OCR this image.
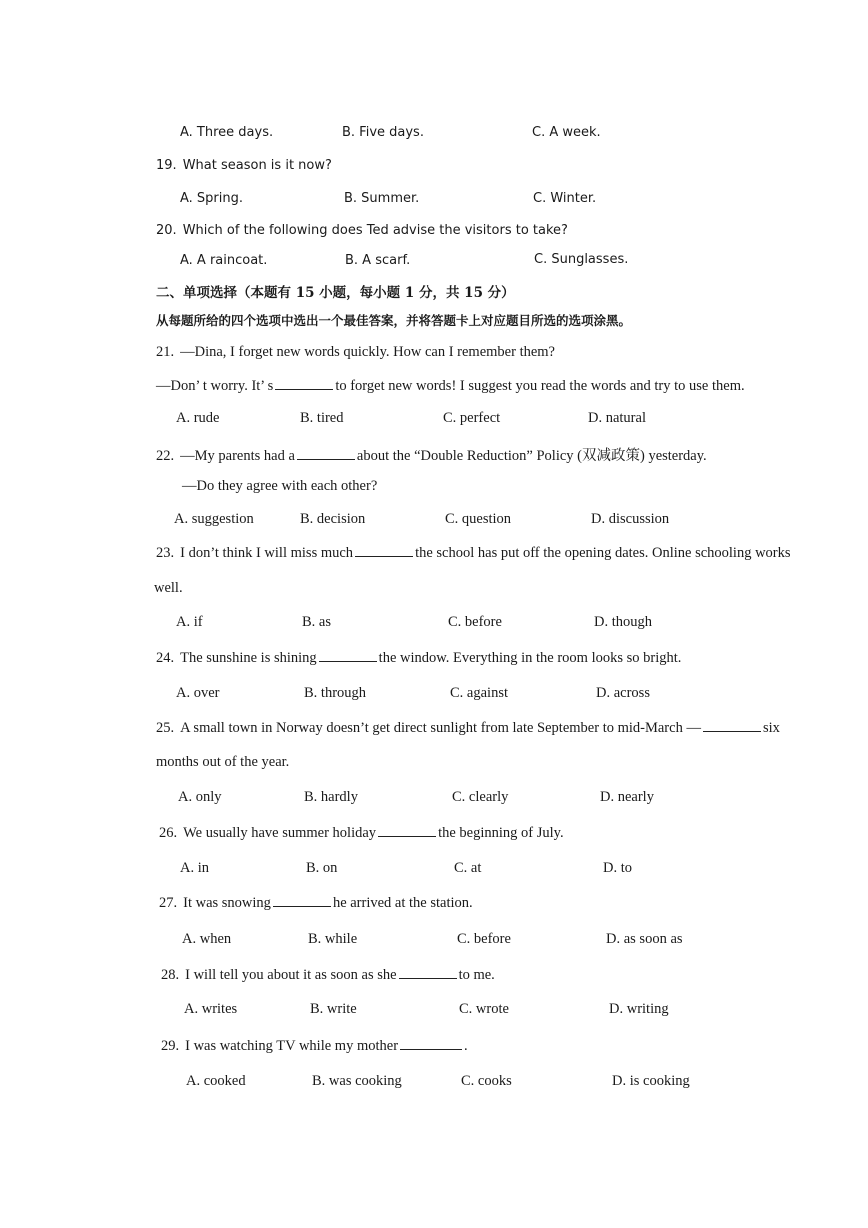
A. Three days.	B. Five days.	C. A week.
19. What season is it now?
A. Spring.	B. Summer.	C. Winter.
20. Which of the following does Ted advise the visitors to take?
A. A raincoat.	B. A scarf.	C. Sunglasses.
二、单项选择（本题有 15 小题，每小题 1 分，共 15 分）
从每题所给的四个选项中选出一个最佳答案，并将答题卡上对应题目所选的选项涂黑。
21. —Dina, I forget new words quickly. How can I remember them?
—Don’ t worry. It’ s	to forget new words! I suggest you read the words and try to use them.
A. rude	B. tired	C. perfect	D. natural
22. —My parents had a	about the “Double Reduction” Policy (双减政策) yesterday.
—Do they agree with each other?
A. suggestion	B. decision	C. question	D. discussion
23. I don’t think I will miss much	the school has put off the opening dates. Online schooling works
well.
A. if	B. as	C. before	D. though
24. The sunshine is shining	the window. Everything in the room looks so bright.
A. over	B. through	C. against	D. across
25. A small town in Norway doesn’t get direct sunlight from late September to mid-March —	six
months out of the year.
A. only	B. hardly	C. clearly	D. nearly
26. We usually have summer holiday	the beginning of July.
A. in	B. on	C. at	D. to
27. It was snowing	he arrived at the station.
A. when	B. while	C. before	D. as soon as
28. I will tell you about it as soon as she	to me.
A. writes	B. write	C. wrote	D. writing
29. I was watching TV while my mother	.
A. cooked	B. was cooking	C. cooks	D. is cooking
